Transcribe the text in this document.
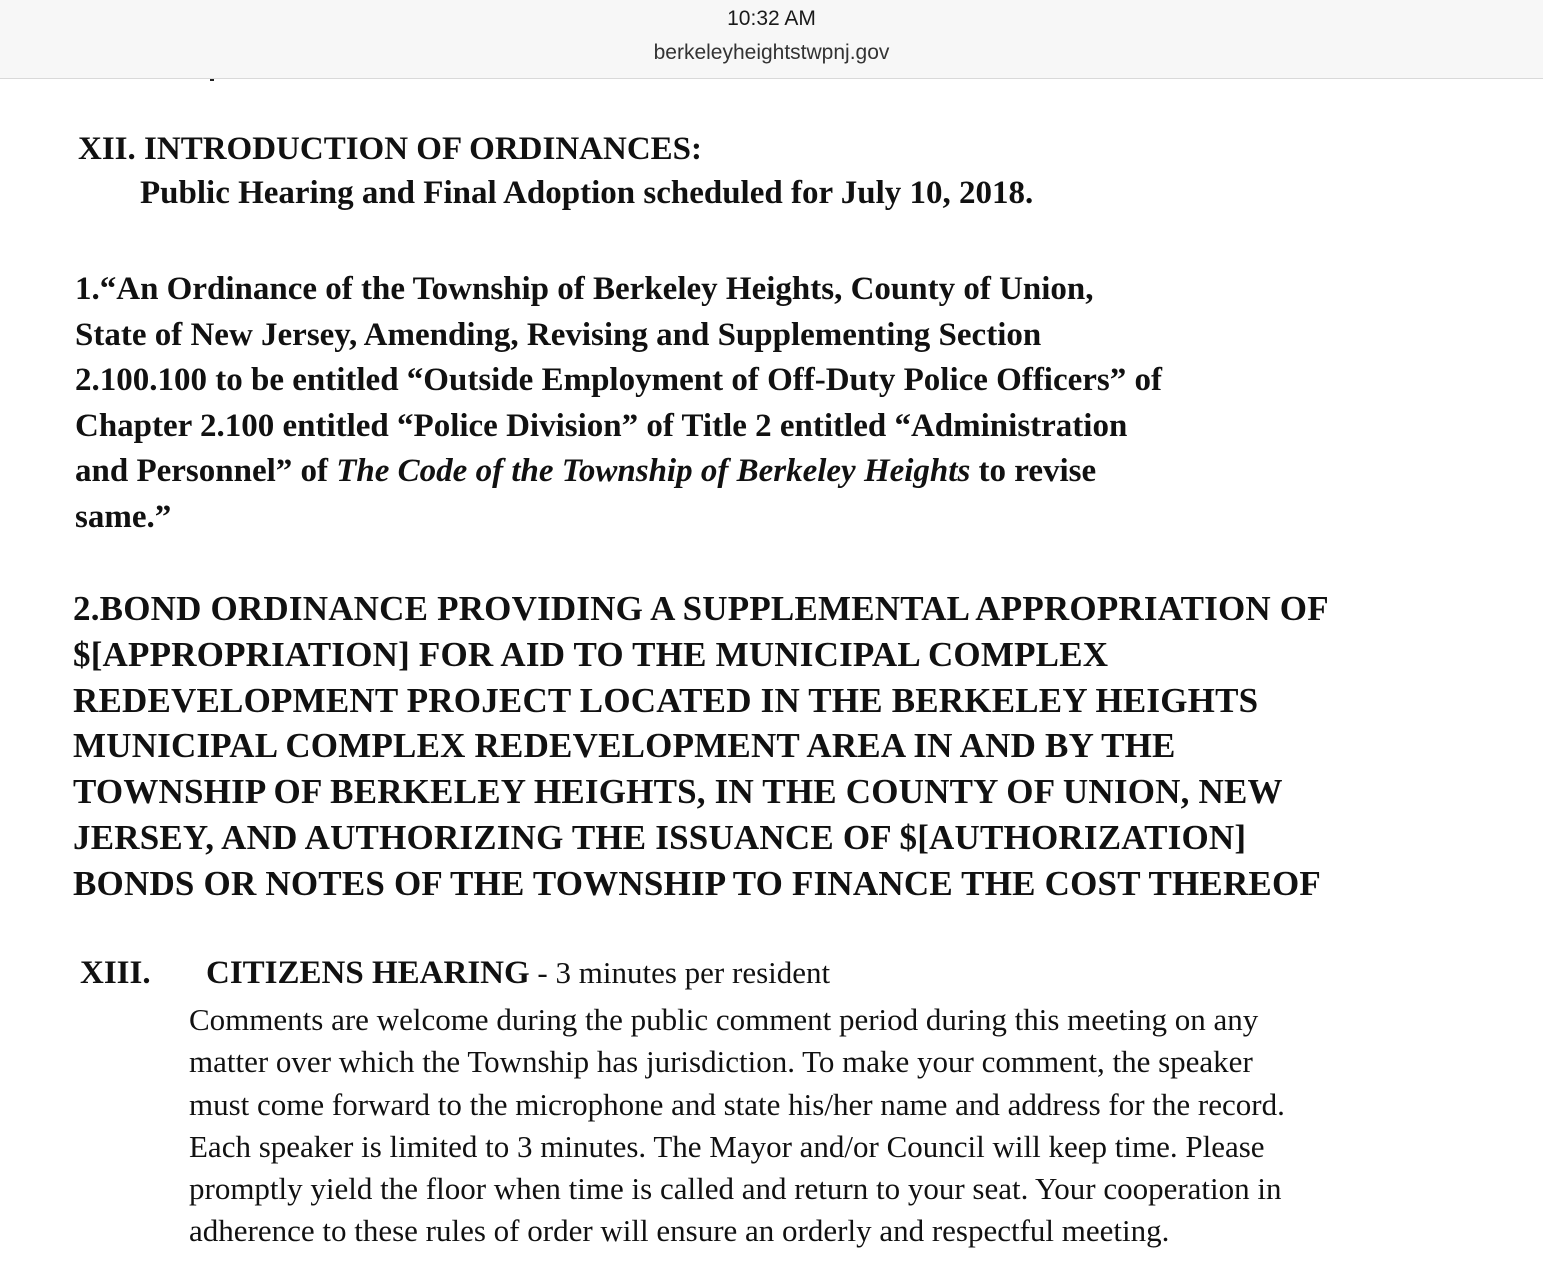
10:32 AM
berkeleyheightstwpnj.gov
XII. INTRODUCTION OF ORDINANCES:
Public Hearing and Final Adoption scheduled for July 10, 2018.

1.“An Ordinance of the Township of Berkeley Heights, County of Union,

State of New Jersey, Amending, Revising and Supplementing Section

2.100.100 to be entitled “Outside Employment of Off-Duty Police Officers” of

Chapter 2.100 entitled “Police Division” of Title 2 entitled “Administration

and Personnel” of The Code of the Township of Berkeley Heights to revise

same.”

2.BOND ORDINANCE PROVIDING A SUPPLEMENTAL APPROPRIATION OF

$[APPROPRIATION] FOR AID TO THE MUNICIPAL COMPLEX

REDEVELOPMENT PROJECT LOCATED IN THE BERKELEY HEIGHTS

MUNICIPAL COMPLEX REDEVELOPMENT AREA IN AND BY THE

TOWNSHIP OF BERKELEY HEIGHTS, IN THE COUNTY OF UNION, NEW

JERSEY, AND AUTHORIZING THE ISSUANCE OF $[AUTHORIZATION]

BONDS OR NOTES OF THE TOWNSHIP TO FINANCE THE COST THEREOF

XIII. CITIZENS HEARING - 3 minutes per resident

Comments are welcome during the public comment period during this meeting on any

matter over which the Township has jurisdiction. To make your comment, the speaker

must come forward to the microphone and state his/her name and address for the record.

Each speaker is limited to 3 minutes. The Mayor and/or Council will keep time. Please

promptly yield the floor when time is called and return to your seat. Your cooperation in

adherence to these rules of order will ensure an orderly and respectful meeting.
